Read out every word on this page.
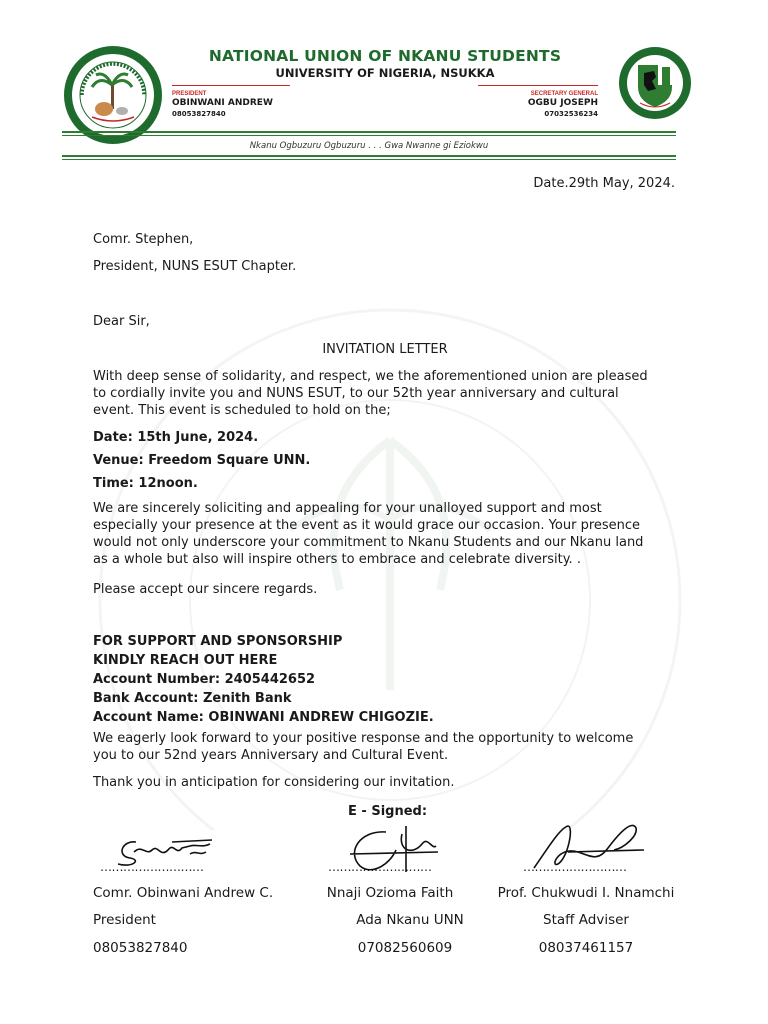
NATIONAL UNION OF NKANU STUDENTS
UNIVERSITY OF NIGERIA, NSUKKA
PRESIDENT
OBINWANI ANDREW
08053827840
SECRETARY GENERAL
OGBU JOSEPH
07032536234
Nkanu Ogbuzuru Ogbuzuru . . . Gwa Nwanne gi Eziokwu
Date.29th May, 2024.
Comr. Stephen,
President, NUNS ESUT Chapter.
Dear Sir,
INVITATION LETTER
With deep sense of solidarity, and respect, we the aforementioned union are pleased
to cordially invite you and NUNS ESUT, to our 52th year anniversary and cultural
event. This event is scheduled to hold on the;
Date: 15th June, 2024.
Venue: Freedom Square UNN.
Time: 12noon.
We are sincerely soliciting and appealing for your unalloyed support and most
especially your presence at the event as it would grace our occasion. Your presence
would not only underscore your commitment to Nkanu Students and our Nkanu land
as a whole but also will inspire others to embrace and celebrate diversity. .
Please accept our sincere regards.
FOR SUPPORT AND SPONSORSHIP
KINDLY REACH OUT HERE
Account Number: 2405442652
Bank Account: Zenith Bank
Account Name: OBINWANI ANDREW CHIGOZIE.
We eagerly look forward to your positive response and the opportunity to welcome
you to our 52nd years Anniversary and Cultural Event.
Thank you in anticipation for considering our invitation.
E - Signed:
………………………	………………………	………………………
Comr. Obinwani Andrew C.
President
08053827840
Nnaji Ozioma Faith
Ada Nkanu UNN
07082560609
Prof. Chukwudi I. Nnamchi
Staff Adviser
08037461157
